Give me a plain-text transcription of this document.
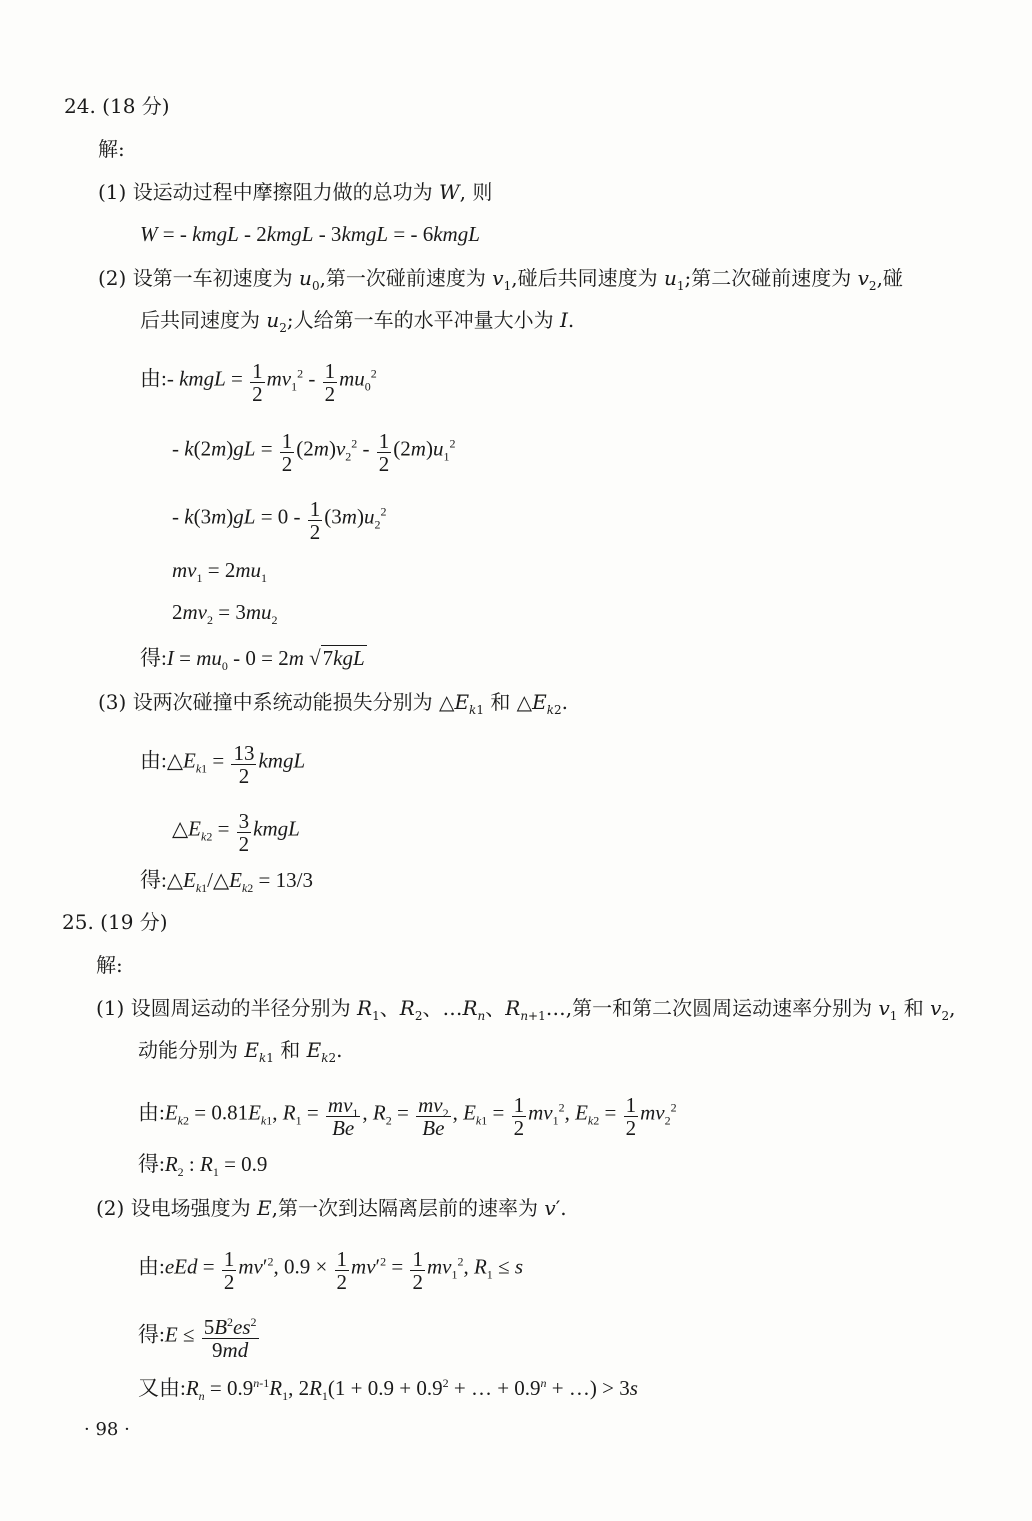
24. (18 分)
解:
(1) 设运动过程中摩擦阻力做的总功为 W, 则
W = - kmgL - 2kmgL - 3kmgL = - 6kmgL
(2) 设第一车初速度为 $u_0$,第一次碰前速度为 $v_1$,碰后共同速度为 $u_1$;第二次碰前速度为 $v_2$,碰
后共同速度为 $u_2$;人给第一车的水平冲量大小为 I.
由:- kmgL = $\frac{1}{2} mv_1^2 - \frac{1}{2} mu_0^2$
- $k(2m)gL = \frac{1}{2} (2m)v_2^2 - \frac{1}{2} (2m)u_1^2$
- $k(3m)gL = 0 - \frac{1}{2} (3m)u_2^2$
$mv_1 = 2mu_1$
$2mv_2 = 3mu_2$
得:I = $mu_0 - 0 = 2m$ √7kgL
(3) 设两次碰撞中系统动能损失分别为 $\triangle E_{k1}$ 和 $\triangle E_{k2}$.
由$:\triangle E_{k1} = \frac{13}{2}$ kmgL
$\triangle E_{k2} = \frac{3}{2}$ kmgL
得$:\triangle E_{k1}/\triangle E_{k2} = 13/3$
25. (19 分)
解:
(1) 设圆周运动的半径分别为 $R_1$、$R_2$、$\dots R_n$、$R_{n+1}\dots$,第一和第二次圆周运动速率分别为 $v_1$ 和 $v_2$,
动能分别为 $E_{k1}$ 和 $E_{k2}$.
由$:E_{k2} = 0.81E_{k1}$, $R_1 = \frac{mv_1}{Be}$ , $R_2 = \frac{mv_2}{Be}$ , $E_{k1} = \frac{1}{2} mv_1^2$, $E_{k2} = \frac{1}{2} mv_2^2$
得$:R_2$ : $R_1 = 0.9$
(2) 设电场强度为 E,第一次到达隔离层前的速率为 v′.
由:eEd = $\frac{1}{2} mv'^2$, $0.9 \times \frac{1}{2} mv'^2 = \frac{1}{2} mv_1^2$, $R_1 \le s$
得:E ≤ $\frac{5B^2es^2}{9md}$
又由$:R_n = 0.9^{n-1}R_1$, $2R_1(1 + 0.9 + 0.9^2$ + … + $0.9^n$ + …) > 3s
· 98 ·
